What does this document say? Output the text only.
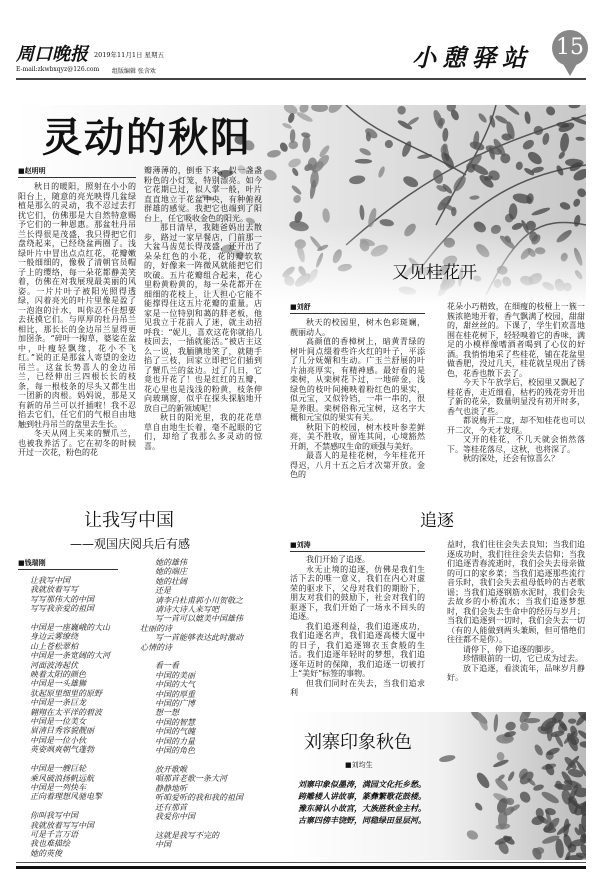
周口晚报 2019年11月1日 星期五
E-mail:zkwbxqyz@126.com 组版编辑 张含欢	小憩驿站 15
灵动的秋阳
■赵明明

秋日的暖阳，照射在小小的阳台上，随意的亮光映得几盆绿植是那么的灵动，我不忍过去打扰它们，仿佛那是大自然特意赐予它们的一种恩惠。那盆牡丹吊兰长得很是茂盛，我只得把它们盘绕起来，已经绕盆两圈了。浅绿叶片中冒出点点红花，花瓣嫩一般细细的，像极了清朝官员帽子上的缨络，每一朵花都静美笑着，仿佛在对我展现最美丽的风姿。一片片叶子被阳光照得透绿，闪着亮光的叶片里像是盈了一泡泡的汁水，叫你忍不住想要去抚摸它们。与厚厚的牡丹吊兰相比，那长长的金边吊兰显得更加囹条。“碎叶一掬草，婆娑在盆中，叶瘦轻飘缘，花小不飞红。”说的正是那盆人寄望的金边吊兰。这盆长势喜人的金边吊兰，已经伸出三四根长长的枝条，每一根枝条的尽头又都生出一团新的肉根。妈妈说，那是又有新的吊兰可以扦插啦！我不忍掐去它们，任它们的气根自由地触到牡丹吊兰的盘里去生长。

冬天从网上买来的蟹爪兰，也被我养活了。它在初冬的时候开过一次花，粉色的花

瓣薄薄的，倒垂下来，似一盏盏粉色的小灯笼，特别漂亮。如今它花期已过，似人掌一般，叶片直直地立于花盆中央，有种俯视群雄的感觉。我把它也端到了阳台上，任它吸收金色的阳光。

那日清早，我随爸妈出去散步，路过一家早餐店，门前那一大盆马齿苋长得茂盛，还开出了朵朵红色的小花，花的瓣软软的，好像来一阵微风就能把它们吹破。五片花瓣组合起来，花心里粉黄粉黄的，每一朵花都开在细细的花枝上，让人担心它能不能撑得住这五片花瓣的重量。店家是一位特别和蔼的胖老板，他见我立于花前人了迷，就主动招呼我：“妮儿，喜欢这花你就掐几枝回去，一插就能活。”被店主这么一说，我腼腆地笑了，就随手掐了三枝，回家立即把它们插到了蟹爪兰的盆边。过了几日，它竟也开花了！也是红红的五瓣，花心里也是浅浅的粉黄，枝条伸向玻璃窗，似乎在探头探脑地开放自己的新领域呢！

秋日的阳光里，我的花花草草自由地生长着，毫不起眼的它们，却给了我那么多灵动的惊喜。

又见桂花开
■刘舒

秋天的校园里，树木色彩斑斓，靓丽动人。

高颜值的香樟树上，暗黄青绿的树叶间点缀着些许火红的叶子，平添了几分妩媚和生动。广玉兰舒展的叶片油亮厚实，有精神感。最好看的是栾树，从栾树花下过，一地碎金，浅绿色的枝叶间掩映着粉红色的果实，似元宝，又似铃铛，一串一串的，很是养眼。栾树俗称元宝树，这名字大概和元宝似的果实有关。

秋阳下的校园，树木枝叶参差鲜亮，美不胜收，留连其间，心境豁然开朗，不禁感叹生命的顽强与美好。

最喜人的是桂花树，今年桂花开得迟，八月十五之后才次第开放。金色的

花朵小巧精致，在细瘦的枝桠上一簇一簇浓艳地开着，香气飘满了校园，甜甜的，甜丝丝的。下课了，学生们欢喜地围在桂花树下，轻轻嗅着它的香味，满足的小模样像嗜酒者喝到了心仪的好酒。我悄悄地采了些桂花，铺在花盆里做香肥，没过几天，桂花就呈现出了锈色，花香也散下去了。

今天下午放学后，校园里又飘起了桂花香，走近细看，枯朽的残花旁开出了新的花朵，数量明显没有初开时多，香气也淡了些。

都说梅开二度，却不知桂花也可以开二次，今天才发现。

又开的桂花，不几天就会悄然落下。等桂花落尽，这秋，也将深了。

秋的深处，还会有惊喜么？

让我写中国
——观国庆阅兵后有感
■钱瑞刚
让我写中国
我就放着写写
写写那伟大的中国
写写我亲爱的祖国
中国是一座巍峨的大山
身边云雾缭绕
山上苍松翠柏
中国是一条宽阔的大河
河面波涛起伏
映着太阳的颜色
中国是一头雄狮
驮起原里细里的原野
中国是一条巨龙
翱翔在太平洋的碧波
中国是一位美女
眉清目秀容貌靓丽
中国是一位小伙
英姿飒爽朝气蓬勃
中国是一艘巨轮
乘风破浪扬帆远航
中国是一列快车
正向着理想风驰电掣
你叫我写中国
我就放着写写中国
可是千言万语
我也难描绘
她的英俊
她的雄伟
她的端庄
她的壮阔
还是
请李白杜甫郭小川贺敬之
请诗大诗人来写吧
写一首可以媲美中国雄伟
壮丽的诗
写一首能够表达此时激动
心情的诗
看一看
中国的美丽
中国的大气
中国的厚重
中国的广博
想一想
中国的智慧
中国的气魄
中国的力量
中国的角色
放开歌喉
唱那首老歌一条大河
静静地听
听咱爱听的我和我的祖国
还有那首
我爱你中国
这就是我写不完的
中国
追逐
■刘涛

我们开始了追逐。

永无止境的追逐，仿佛是我们生活下去的唯一意义，我们在内心对虚荣的驱求下，父母对我们的期盼下，朋友对我们的鼓励下，社会对我们的驱逐下，我们开始了一场永不回头的追逐。

我们追逐利益，我们追逐成功，我们追逐名声，我们追逐高楼大厦中的日子，我们追逐锦衣玉食般的生活。我们追逐年轻时的梦想，我们追逐年迈时的保障，我们追逐一切被打上“美好”标签的事物。

但我们同时在失去，当我们追求利

益时，我们往往会失去良知；当我们追逐成功时，我们往往会失去信仰；当我们追逐青春流逝时，我们会失去母亲做的可口的家乡菜；当我们追逐那些流行音乐时，我们会失去祖母低吟的古老歌谣；当我们追逐钢筋水泥时，我们会失去故乡的小桥流水；当我们追逐梦想时，我们会失去生命中的经历与岁月；当我们追逐到一切时，我们会失去一切（有的人能做到两头兼顾，但可惜绝们往往都不是你）。

请停下，停下追逐的脚步。

珍惜眼前的一切，它已成为过去。

放下追逐，看淡流年，品味岁月静好。

刘寨印象秋色
■刘均生
刘寨印象似墨涛，满园文化托乡愁。
跨雕楼人讲故事，篆彝繁歌花鼓楼。
豫东骑认小故宫，大族胜秋金主村。
古寨四傍丰饶野，同稳绿田显层河。
